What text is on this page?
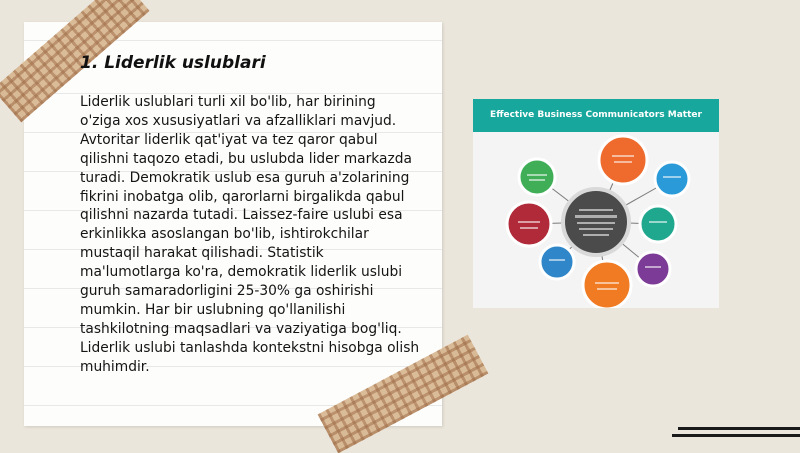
1. Liderlik uslublari

Liderlik uslublari turli xil bo'lib, har birining o'ziga xos xususiyatlari va afzalliklari mavjud. Avtoritar liderlik qat'iyat va tez qaror qabul qilishni taqozo etadi, bu uslubda lider markazda turadi. Demokratik uslub esa guruh a'zolarining fikrini inobatga olib, qarorlarni birgalikda qabul qilishni nazarda tutadi. Laissez-faire uslubi esa erkinlikka asoslangan bo'lib, ishtirokchilar mustaqil harakat qilishadi. Statistik ma'lumotlarga ko'ra, demokratik liderlik uslubi guruh samaradorligini 25-30% ga oshirishi mumkin. Har bir uslubning qo'llanilishi tashkilotning maqsadlari va vaziyatiga bog'liq. Liderlik uslubi tanlashda kontekstni hisobga olish muhimdir.

Effective Business Communicators Matter
